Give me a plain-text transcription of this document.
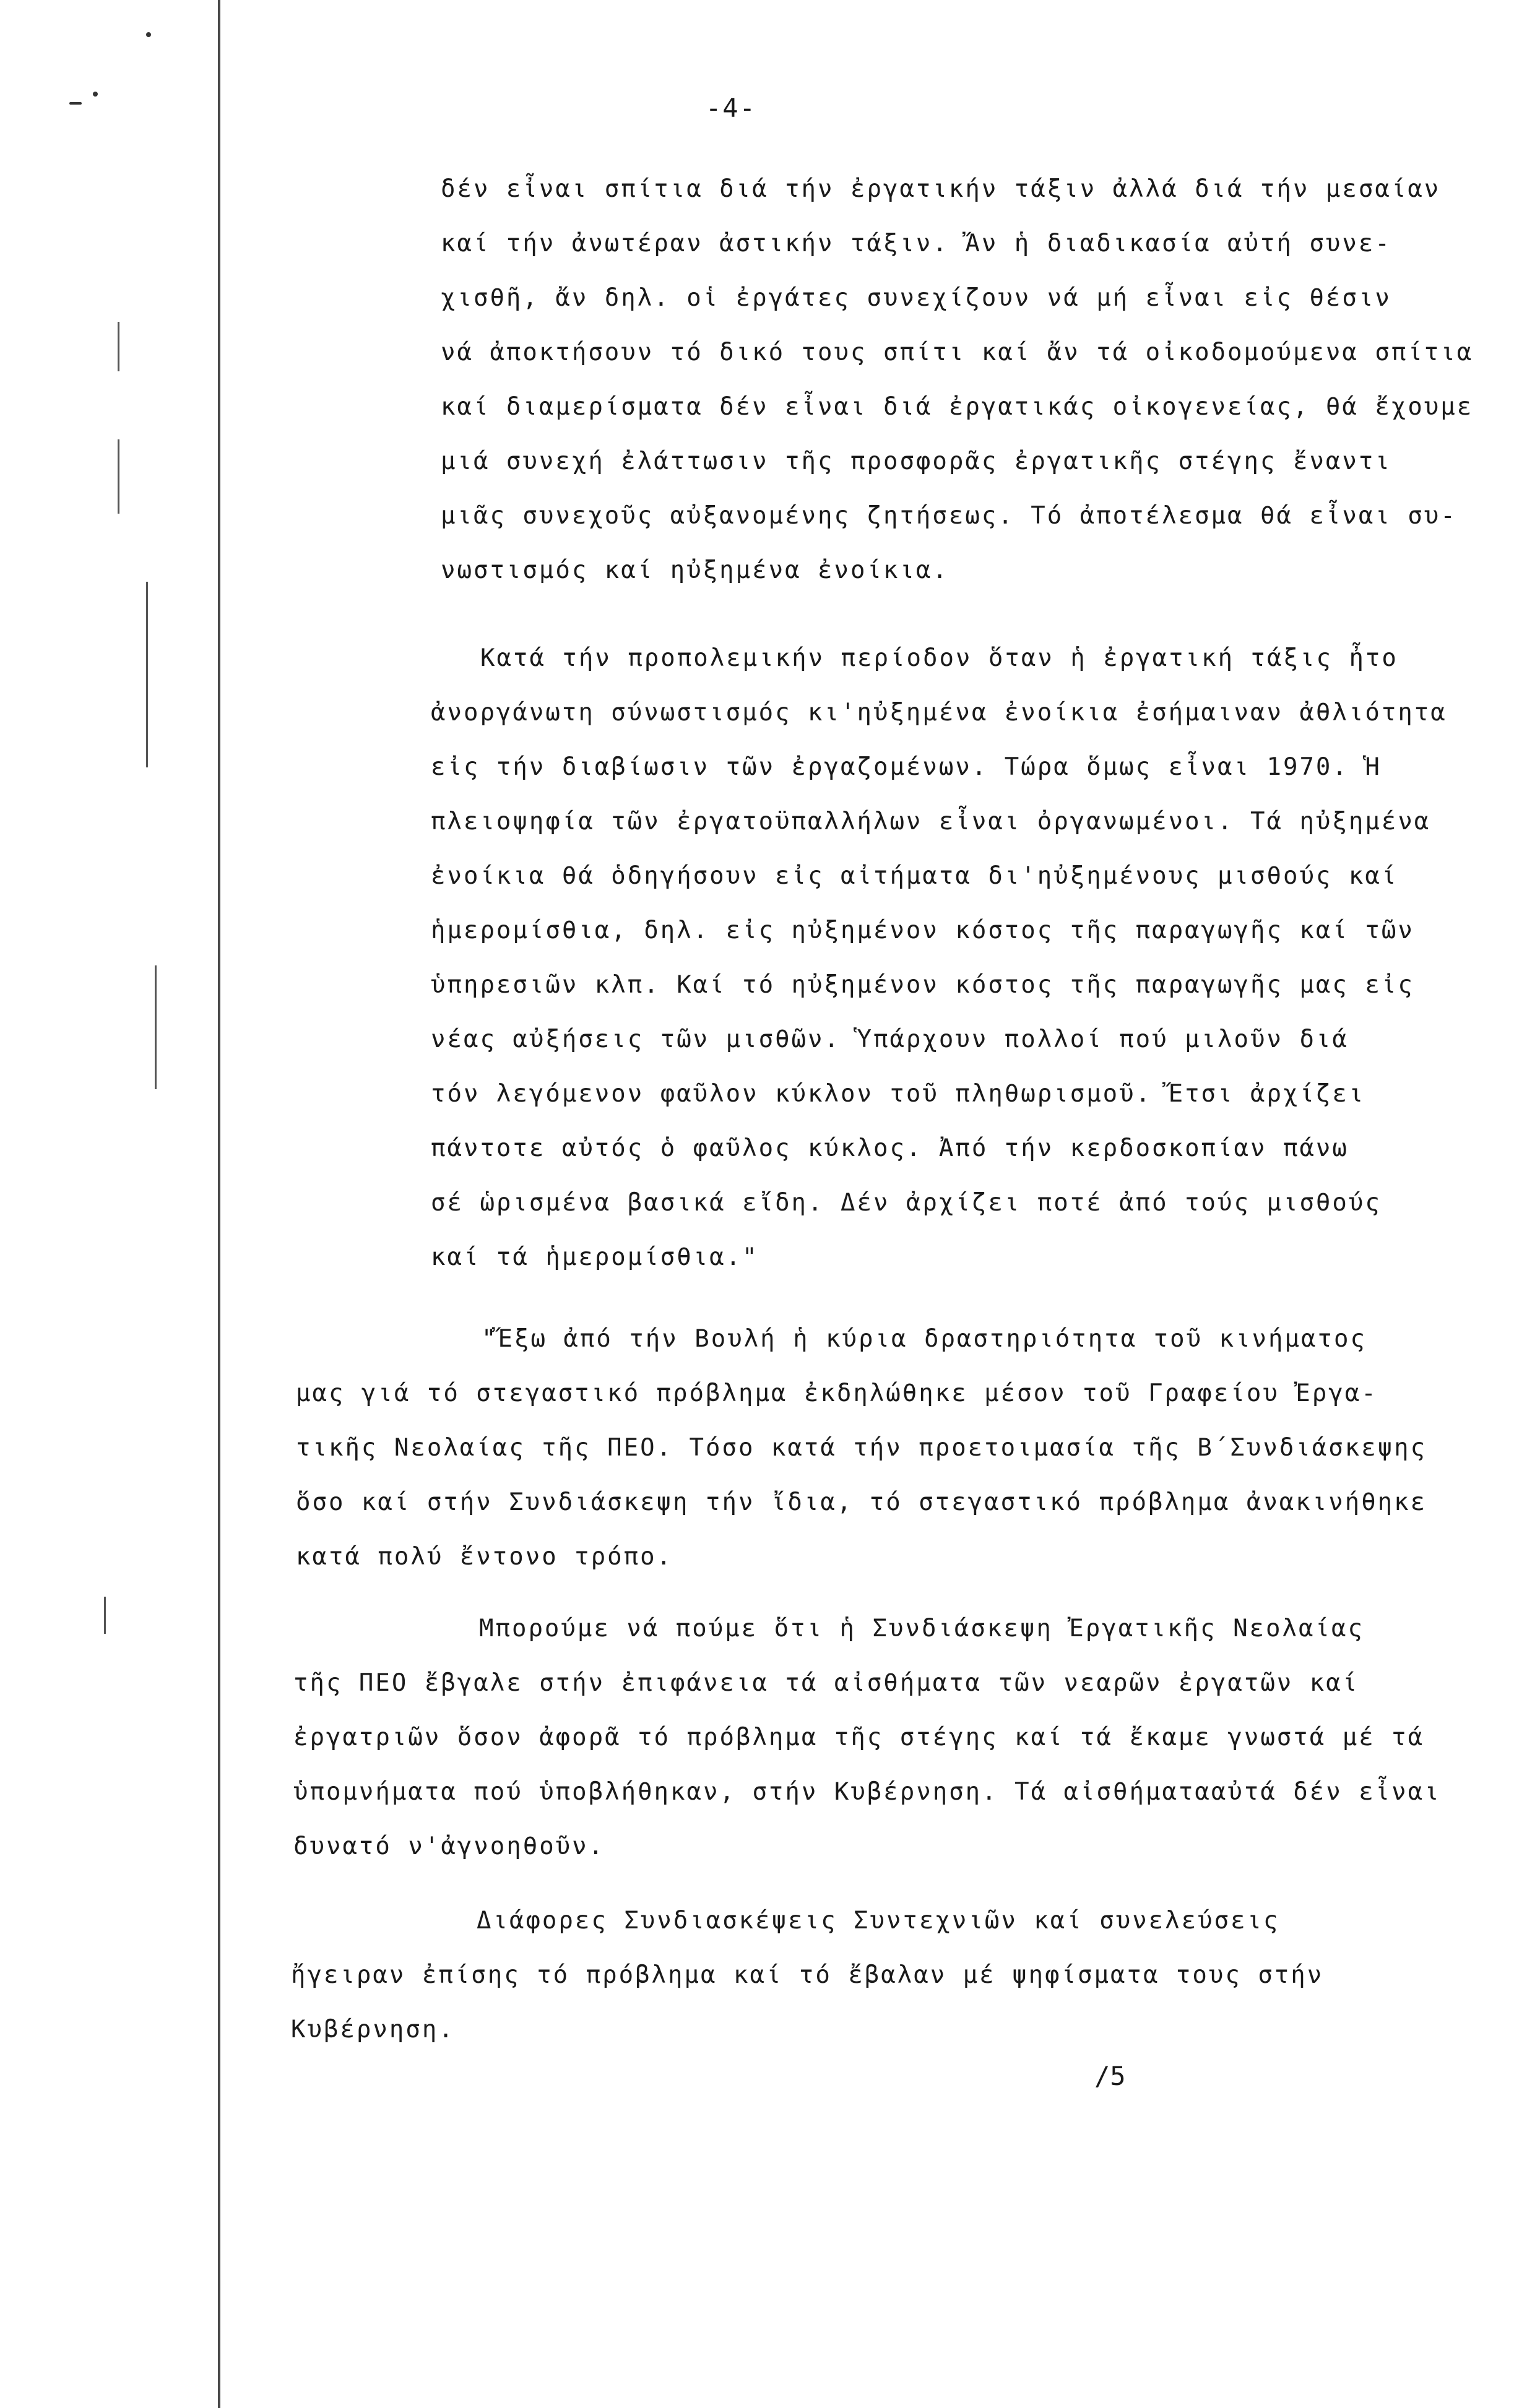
-4-
δέν εἶναι σπίτια διά τήν ἐργατικήν τάξιν ἀλλά διά τήν μεσαίαν
καί τήν ἀνωτέραν ἀστικήν τάξιν. Ἄν ἡ διαδικασία αὐτή συνε-
χισθῆ, ἄν δηλ. οἱ ἐργάτες συνεχίζουν νά μή εἶναι εἰς θέσιν
νά ἀποκτήσουν τό δικό τους σπίτι καί ἄν τά οἰκοδομούμενα σπίτια
καί διαμερίσματα δέν εἶναι διά ἐργατικάς οἰκογενείας, θά ἔχουμε
μιά συνεχή ἐλάττωσιν τῆς προσφορᾶς ἐργατικῆς στέγης ἔναντι
μιᾶς συνεχοῦς αὐξανομένης ζητήσεως. Τό ἀποτέλεσμα θά εἶναι συ-
νωστισμός καί ηὐξημένα ἐνοίκια.
Κατά τήν προπολεμικήν περίοδον ὅταν ἡ ἐργατική τάξις ἦτο
ἀνοργάνωτη σύνωστισμός κι'ηὐξημένα ἐνοίκια ἐσήμαιναν ἀθλιότητα
εἰς τήν διαβίωσιν τῶν ἐργαζομένων. Τώρα ὅμως εἶναι 1970. Ἡ
πλειοψηφία τῶν ἐργατοϋπαλλήλων εἶναι ὀργανωμένοι. Τά ηὐξημένα
ἐνοίκια θά ὁδηγήσουν εἰς αἰτήματα δι'ηὐξημένους μισθούς καί
ἡμερομίσθια, δηλ. εἰς ηὐξημένον κόστος τῆς παραγωγῆς καί τῶν
ὑπηρεσιῶν κλπ. Καί τό ηὐξημένον κόστος τῆς παραγωγῆς μας εἰς
νέας αὐξήσεις τῶν μισθῶν. Ὑπάρχουν πολλοί πού μιλοῦν διά
τόν λεγόμενον φαῦλον κύκλον τοῦ πληθωρισμοῦ. Ἔτσι ἀρχίζει
πάντοτε αὐτός ὁ φαῦλος κύκλος. Ἀπό τήν κερδοσκοπίαν πάνω
σέ ὡρισμένα βασικά εἴδη. Δέν ἀρχίζει ποτέ ἀπό τούς μισθούς
καί τά ἡμερομίσθια."
"Ἔξω ἀπό τήν Βουλή ἡ κύρια δραστηριότητα τοῦ κινήματος
μας γιά τό στεγαστικό πρόβλημα ἐκδηλώθηκε μέσον τοῦ Γραφείου Ἐργα-
τικῆς Νεολαίας τῆς ΠΕΟ. Τόσο κατά τήν προετοιμασία τῆς Β΄Συνδιάσκεψης
ὅσο καί στήν Συνδιάσκεψη τήν ἴδια, τό στεγαστικό πρόβλημα ἀνακινήθηκε
κατά πολύ ἔντονο τρόπο.
Μπορούμε νά πούμε ὅτι ἡ Συνδιάσκεψη Ἐργατικῆς Νεολαίας
τῆς ΠΕΟ ἔβγαλε στήν ἐπιφάνεια τά αἰσθήματα τῶν νεαρῶν ἐργατῶν καί
ἐργατριῶν ὅσον ἀφορᾶ τό πρόβλημα τῆς στέγης καί τά ἔκαμε γνωστά μέ τά
ὑπομνήματα πού ὑποβλήθηκαν, στήν Κυβέρνηση. Τά αἰσθήματααὐτά δέν εἶναι
δυνατό ν'ἀγνοηθοῦν.
Διάφορες Συνδιασκέψεις Συντεχνιῶν καί συνελεύσεις
ἤγειραν ἐπίσης τό πρόβλημα καί τό ἔβαλαν μέ ψηφίσματα τους στήν
Κυβέρνηση.
/5
